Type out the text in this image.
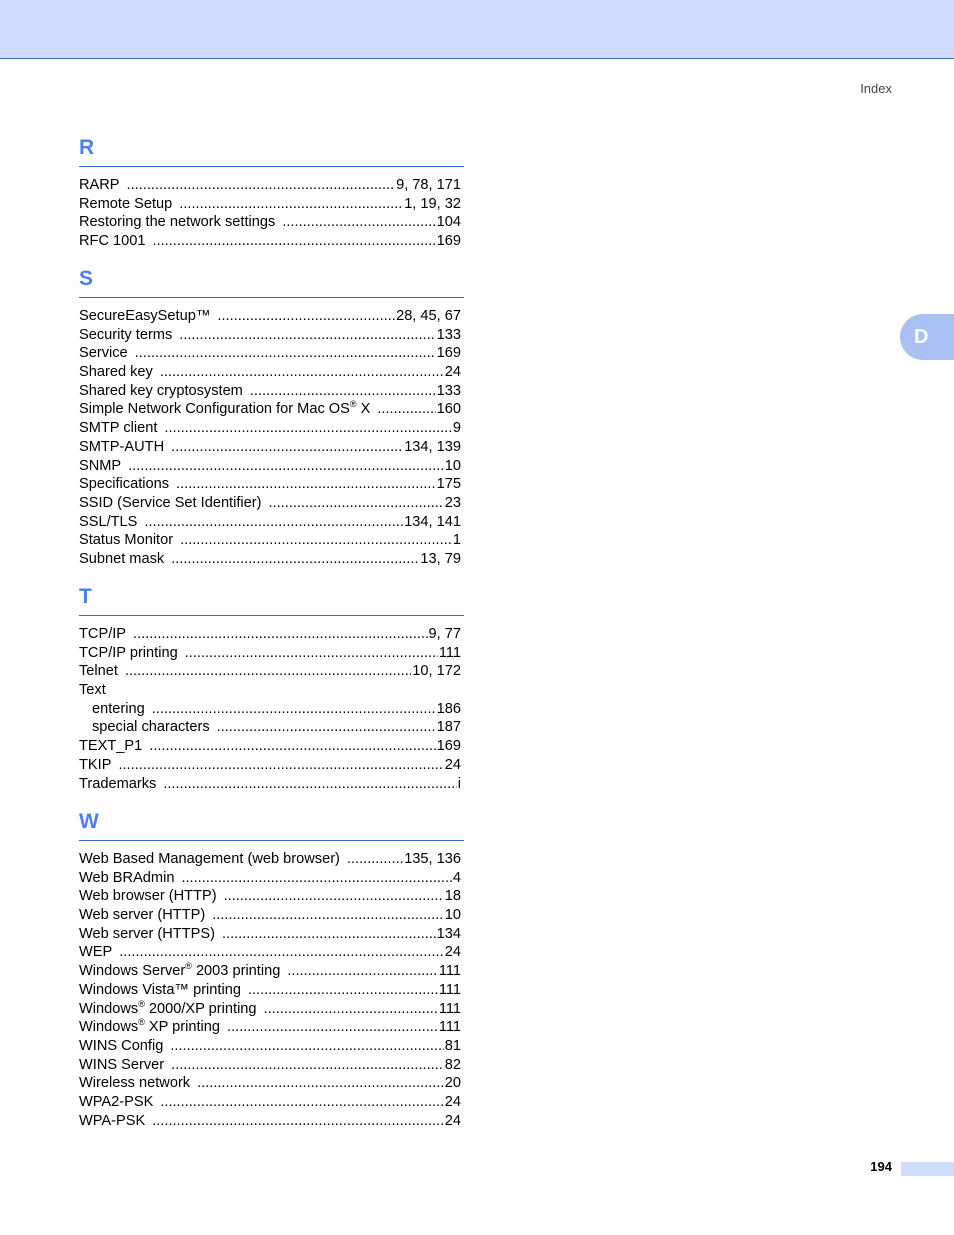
Index
D
R
RARP .....	9, 78, 171
Remote Setup .....	1, 19, 32
Restoring the network settings .....	104
RFC 1001 .....	169
S
SecureEasySetup™ .....	28, 45, 67
Security terms .....	133
Service .....	169
Shared key .....	24
Shared key cryptosystem .....	133
Simple Network Configuration for Mac OS® X .....	160
SMTP client .....	9
SMTP-AUTH .....	134, 139
SNMP .....	10
Specifications .....	175
SSID (Service Set Identifier) .....	23
SSL/TLS .....	134, 141
Status Monitor .....	1
Subnet mask .....	13, 79
T
TCP/IP .....	9, 77
TCP/IP printing .....	111
Telnet .....	10, 172
Text
entering .....	186
special characters .....	187
TEXT_P1 .....	169
TKIP .....	24
Trademarks .....	i
W
Web Based Management (web browser) .....	135, 136
Web BRAdmin .....	4
Web browser (HTTP) .....	18
Web server (HTTP) .....	10
Web server (HTTPS) .....	134
WEP .....	24
Windows Server® 2003 printing .....	111
Windows Vista™ printing .....	111
Windows® 2000/XP printing .....	111
Windows® XP printing .....	111
WINS Config .....	81
WINS Server .....	82
Wireless network .....	20
WPA2-PSK .....	24
WPA-PSK .....	24
194
